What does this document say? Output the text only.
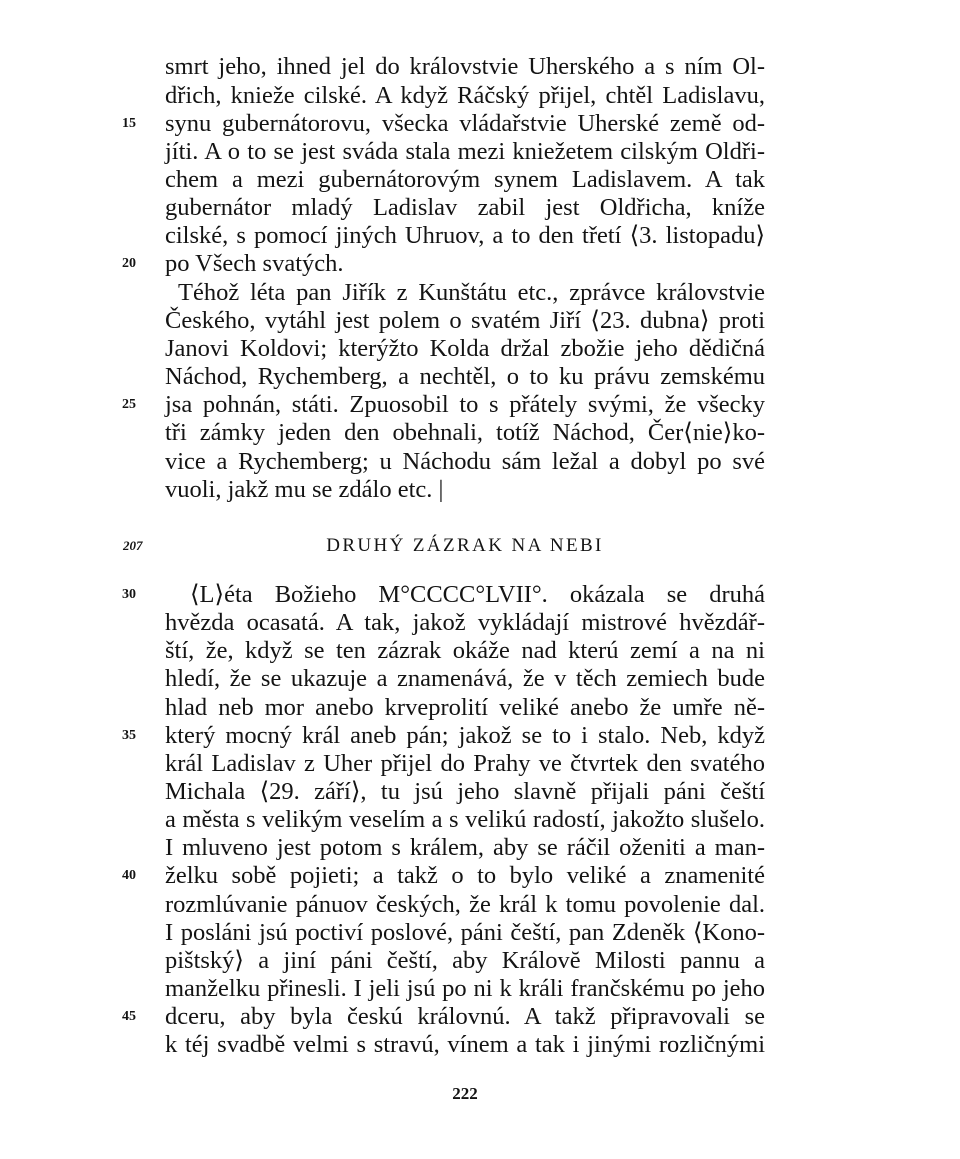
smrt jeho, ihned jel do královstvie Uherského a s ním Ol-
dřich, knieže cilské. A když Ráčský přijel, chtěl Ladislavu,
synu gubernátorovu, všecka vládařstvie Uherské země od-
jíti. A o to se jest sváda stala mezi kniežetem cilským Oldři-
chem a mezi gubernátorovým synem Ladislavem. A tak
gubernátor mladý Ladislav zabil jest Oldřicha, kníže
cilské, s pomocí jiných Uhruov, a to den třetí ⟨3. listopadu⟩
po Všech svatých.
Téhož léta pan Jiřík z Kunštátu etc., zprávce královstvie
Českého, vytáhl jest polem o svatém Jiří ⟨23. dubna⟩ proti
Janovi Koldovi; kterýžto Kolda držal zbožie jeho dědičná
Náchod, Rychemberg, a nechtěl, o to ku právu zemskému
jsa pohnán, státi. Zpuosobil to s přátely svými, že všecky
tři zámky jeden den obehnali, totíž Náchod, Čer⟨nie⟩ko-
vice a Rychemberg; u Náchodu sám ležal a dobyl po své
vuoli, jakž mu se zdálo etc. |
15
20
25
207	DRUHÝ ZÁZRAK NA NEBI
⟨L⟩éta Božieho M°CCCC°LVII°. okázala se druhá
hvězda ocasatá. A tak, jakož vykládají mistrové hvězdář-
ští, že, když se ten zázrak okáže nad kterú zemí a na ni
hledí, že se ukazuje a znamenává, že v těch zemiech bude
hlad neb mor anebo krveprolití veliké anebo že umře ně-
který mocný král aneb pán; jakož se to i stalo. Neb, když
král Ladislav z Uher přijel do Prahy ve čtvrtek den svatého
Michala ⟨29. září⟩, tu jsú jeho slavně přijali páni čeští
a města s velikým veselím a s velikú radostí, jakožto slušelo.
I mluveno jest potom s králem, aby se ráčil oženiti a man-
želku sobě pojieti; a takž o to bylo veliké a znamenité
rozmlúvanie pánuov českých, že král k tomu povolenie dal.
I posláni jsú poctiví poslové, páni čeští, pan Zdeněk ⟨Kono-
pištský⟩ a jiní páni čeští, aby Královĕ Milosti pannu a
manželku přinesli. I jeli jsú po ni k králi frančskému po jeho
dceru, aby byla českú královnú. A takž připravovali se
k téj svadbě velmi s stravú, vínem a tak i jinými rozličnými
30
35
40
45
222
